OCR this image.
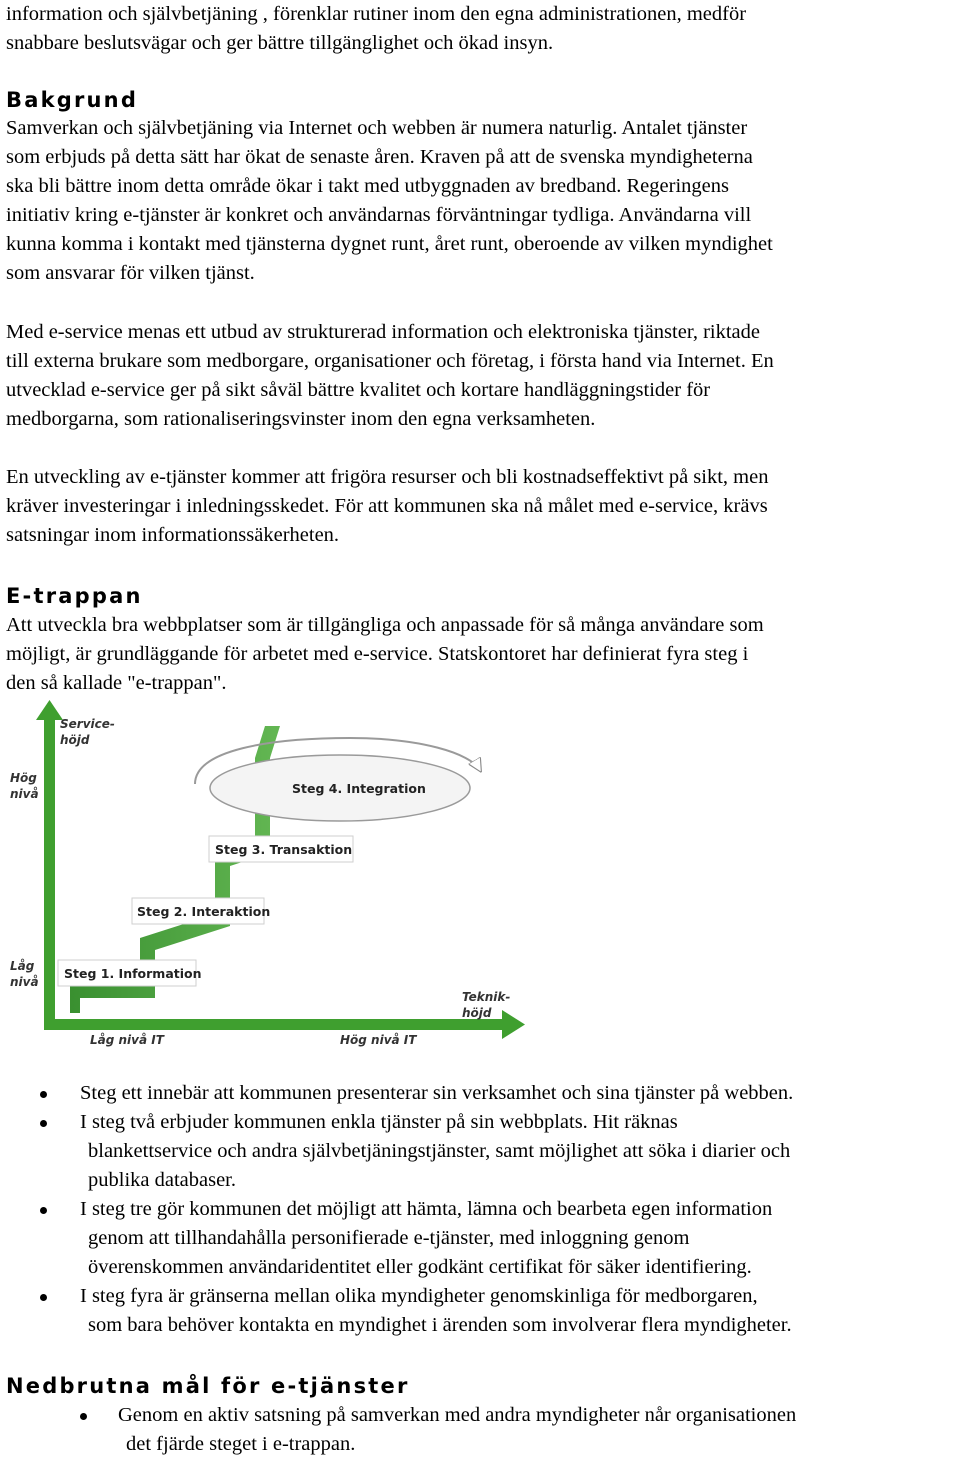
information och självbetjäning , förenklar rutiner inom den egna administrationen, medför
snabbare beslutsvägar och ger bättre tillgänglighet och ökad insyn.
Bakgrund
Samverkan och självbetjäning via Internet och webben är numera naturlig. Antalet tjänster
som erbjuds på detta sätt har ökat de senaste åren. Kraven på att de svenska myndigheterna
ska bli bättre inom detta område ökar i takt med utbyggnaden av bredband. Regeringens
initiativ kring e-tjänster är konkret och användarnas förväntningar tydliga. Användarna vill
kunna komma i kontakt med tjänsterna dygnet runt, året runt, oberoende av vilken myndighet
som ansvarar för vilken tjänst.
Med e-service menas ett utbud av strukturerad information och elektroniska tjänster, riktade
till externa brukare som medborgare, organisationer och företag, i första hand via Internet. En
utvecklad e-service ger på sikt såväl bättre kvalitet och kortare handläggningstider för
medborgarna, som rationaliseringsvinster inom den egna verksamheten.
En utveckling av e-tjänster kommer att frigöra resurser och bli kostnadseffektivt på sikt, men
kräver investeringar i inledningsskedet. För att kommunen ska nå målet med e-service, krävs
satsningar inom informationssäkerheten.
E-trappan
Att utveckla bra webbplatser som är tillgängliga och anpassade för så många användare som
möjligt, är grundläggande för arbetet med e-service. Statskontoret har definierat fyra steg i
den så kallade "e-trappan".
Steg 1. Information
Steg 2. Interaktion
Steg 3. Transaktion
Steg 4. Integration
Service-
höjd
Hög
nivå
Låg
nivå
Teknik-
höjd
Låg nivå IT	Hög nivå IT
Steg ett innebär att kommunen presenterar sin verksamhet och sina tjänster på webben.
I steg två erbjuder kommunen enkla tjänster på sin webbplats. Hit räknas
blankettservice och andra självbetjäningstjänster, samt möjlighet att söka i diarier och
publika databaser.
I steg tre gör kommunen det möjligt att hämta, lämna och bearbeta egen information
genom att tillhandahålla personifierade e-tjänster, med inloggning genom
överenskommen användaridentitet eller godkänt certifikat för säker identifiering.
I steg fyra är gränserna mellan olika myndigheter genomskinliga för medborgaren,
som bara behöver kontakta en myndighet i ärenden som involverar flera myndigheter.
Nedbrutna mål för e-tjänster
Genom en aktiv satsning på samverkan med andra myndigheter når organisationen
det fjärde steget i e-trappan.
